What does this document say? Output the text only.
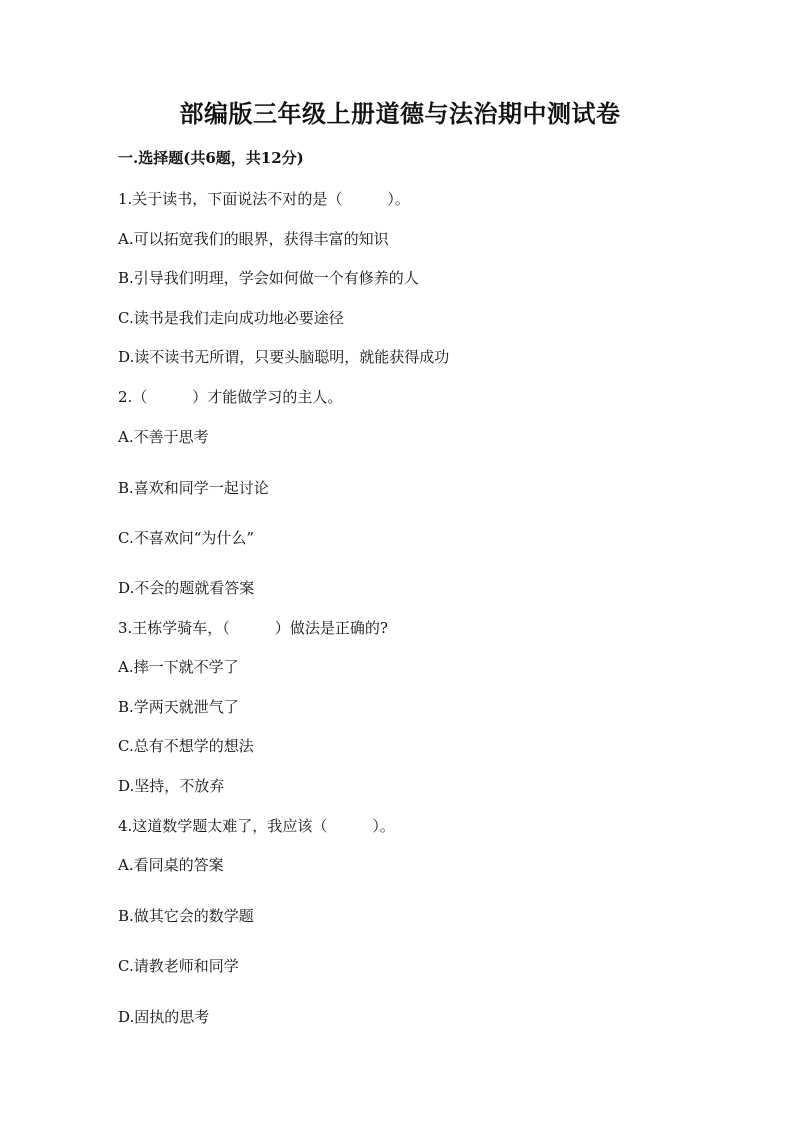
部编版三年级上册道德与法治期中测试卷
一.选择题(共6题，共12分)
1.关于读书，下面说法不对的是（　　　）。
A.可以拓宽我们的眼界，获得丰富的知识
B.引导我们明理，学会如何做一个有修养的人
C.读书是我们走向成功地必要途径
D.读不读书无所谓，只要头脑聪明，就能获得成功
2.（　　　）才能做学习的主人。
A.不善于思考
B.喜欢和同学一起讨论
C.不喜欢问“为什么”
D.不会的题就看答案
3.王栋学骑车，（　　　）做法是正确的?
A.摔一下就不学了
B.学两天就泄气了
C.总有不想学的想法
D.坚持，不放弃
4.这道数学题太难了，我应该（　　　）。
A.看同桌的答案
B.做其它会的数学题
C.请教老师和同学
D.固执的思考
